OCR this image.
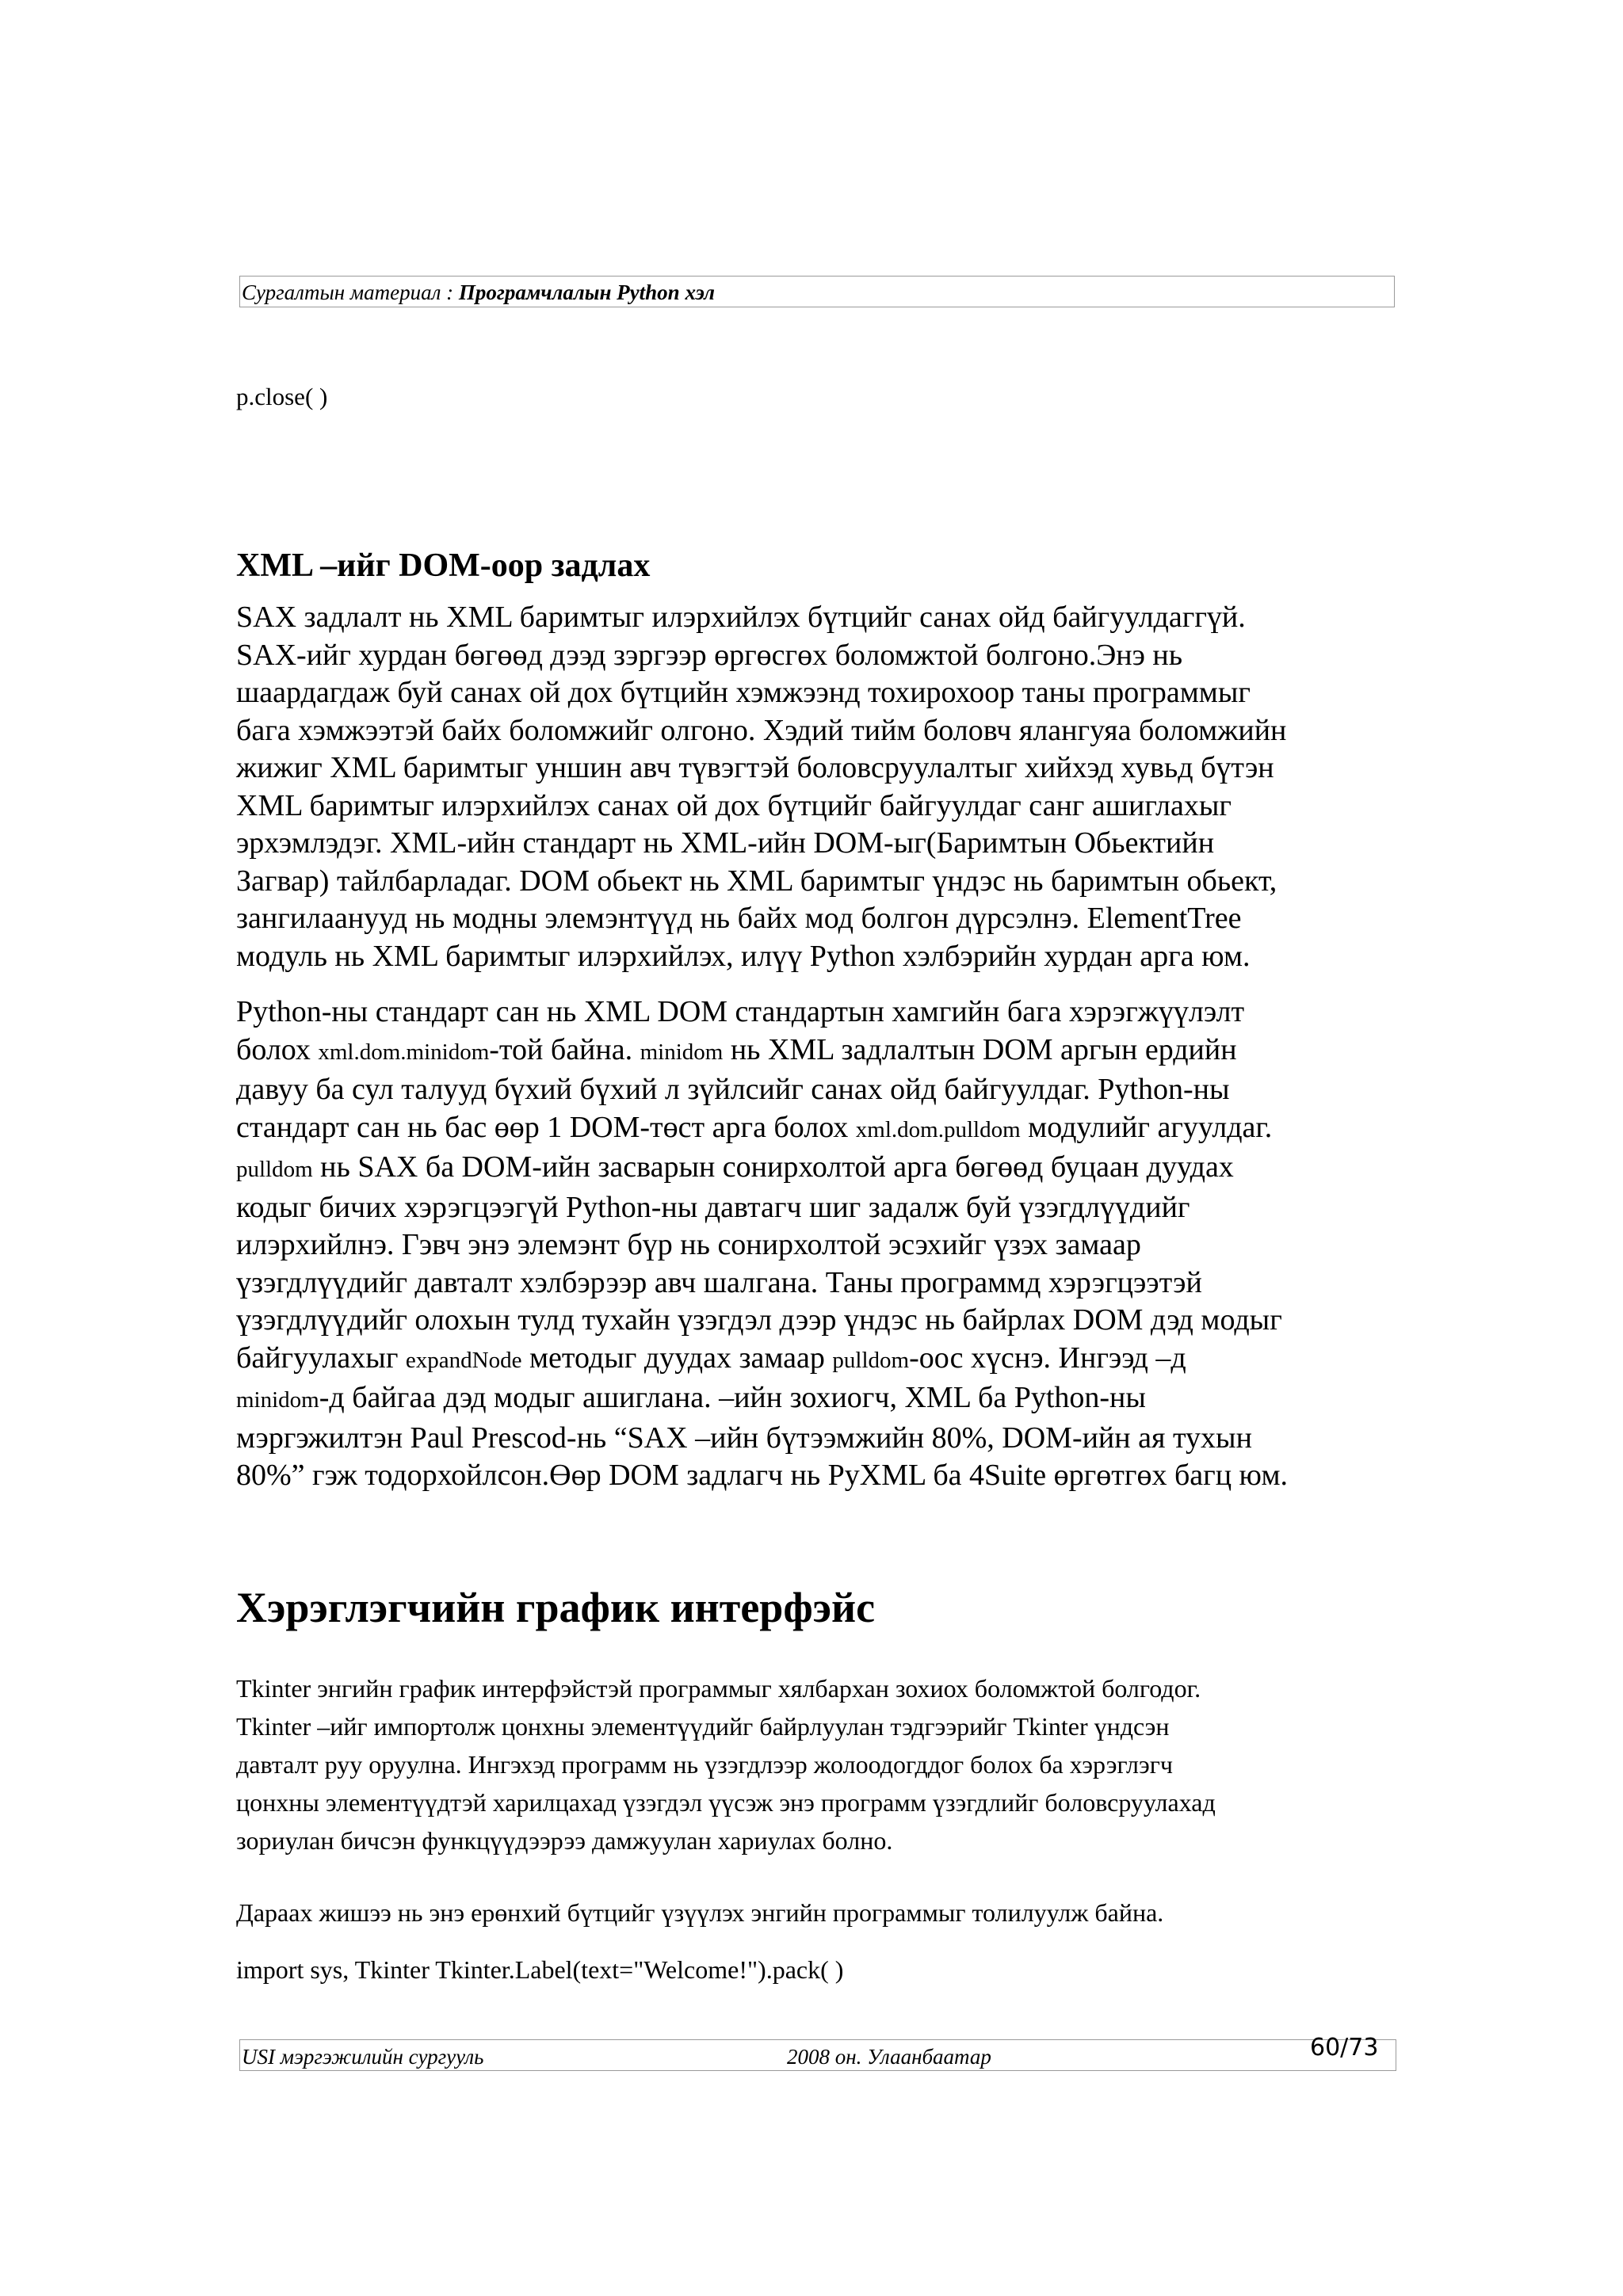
Сургалтын материал : Програмчлалын Python хэл
p.close( )
XML –ийг DOM-оор задлах
SAX задлалт нь XML баримтыг илэрхийлэх бүтцийг санах ойд байгуулдаггүй.
SAX-ийг хурдан бөгөөд дээд зэргээр өргөсгөх боломжтой болгоно.Энэ нь
шаардагдаж буй санах ой дох бүтцийн хэмжээнд тохирохоор таны программыг
бага хэмжээтэй байх боломжийг олгоно. Хэдий тийм боловч ялангуяа боломжийн
жижиг XML баримтыг уншин авч түвэгтэй боловсруулалтыг хийхэд хувьд бүтэн
XML баримтыг илэрхийлэх санах ой дох бүтцийг байгуулдаг санг ашиглахыг
эрхэмлэдэг. XML-ийн стандарт нь XML-ийн DOM-ыг(Баримтын Обьектийн
Загвар) тайлбарладаг. DOM обьект нь XML баримтыг үндэс нь баримтын обьект,
зангилаанууд нь модны элемэнтүүд нь байх мод болгон дүрсэлнэ. ElementTree
модуль нь XML баримтыг илэрхийлэх, илүү Python хэлбэрийн хурдан арга юм.
Python-ны стандарт сан нь XML DOM стандартын хамгийн бага хэрэгжүүлэлт
болох xml.dom.minidom-той байна. minidom нь XML задлалтын DOM аргын ердийн
давуу ба сул талууд бүхий бүхий л зүйлсийг санах ойд байгуулдаг. Python-ны
стандарт сан нь бас өөр 1 DOM-төст арга болох xml.dom.pulldom модулийг агуулдаг.
pulldom нь SAX ба DOM-ийн засварын сонирхолтой арга бөгөөд буцаан дуудах
кодыг бичих хэрэгцээгүй Python-ны давтагч шиг задалж буй үзэгдлүүдийг
илэрхийлнэ. Гэвч энэ элемэнт бүр нь сонирхолтой эсэхийг үзэх замаар
үзэгдлүүдийг давталт хэлбэрээр авч шалгана. Таны программд хэрэгцээтэй
үзэгдлүүдийг олохын тулд тухайн үзэгдэл дээр үндэс нь байрлах DOM дэд модыг
байгуулахыг expandNode методыг дуудах замаар pulldom-оос хүснэ. Ингээд –д
minidom-д байгаа дэд модыг ашиглана. –ийн зохиогч, XML ба Python-ны
мэргэжилтэн Paul Prescod-нь “SAX –ийн бүтээмжийн 80%, DOM-ийн ая тухын
80%” гэж тодорхойлсон.Өөр DOM задлагч нь PyXML ба 4Suite өргөтгөх багц юм.
Хэрэглэгчийн график интерфэйс
Tkinter энгийн график интерфэйстэй программыг хялбархан зохиох боломжтой болгодог.
Tkinter –ийг импортолж цонхны элементүүдийг байрлуулан тэдгээрийг Tkinter үндсэн
давталт руу оруулна. Ингэхэд программ нь үзэгдлээр жолоодогддог болох ба хэрэглэгч
цонхны элементүүдтэй харилцахад үзэгдэл үүсэж энэ программ үзэгдлийг боловсруулахад
зориулан бичсэн функцүүдээрээ дамжуулан хариулах болно.
Дараах жишээ нь энэ ерөнхий бүтцийг үзүүлэх энгийн программыг толилуулж байна.
import sys, Tkinter Tkinter.Label(text="Welcome!").pack( )
USI мэргэжилийн сургууль	2008 он. Улаанбаатар	60/73
